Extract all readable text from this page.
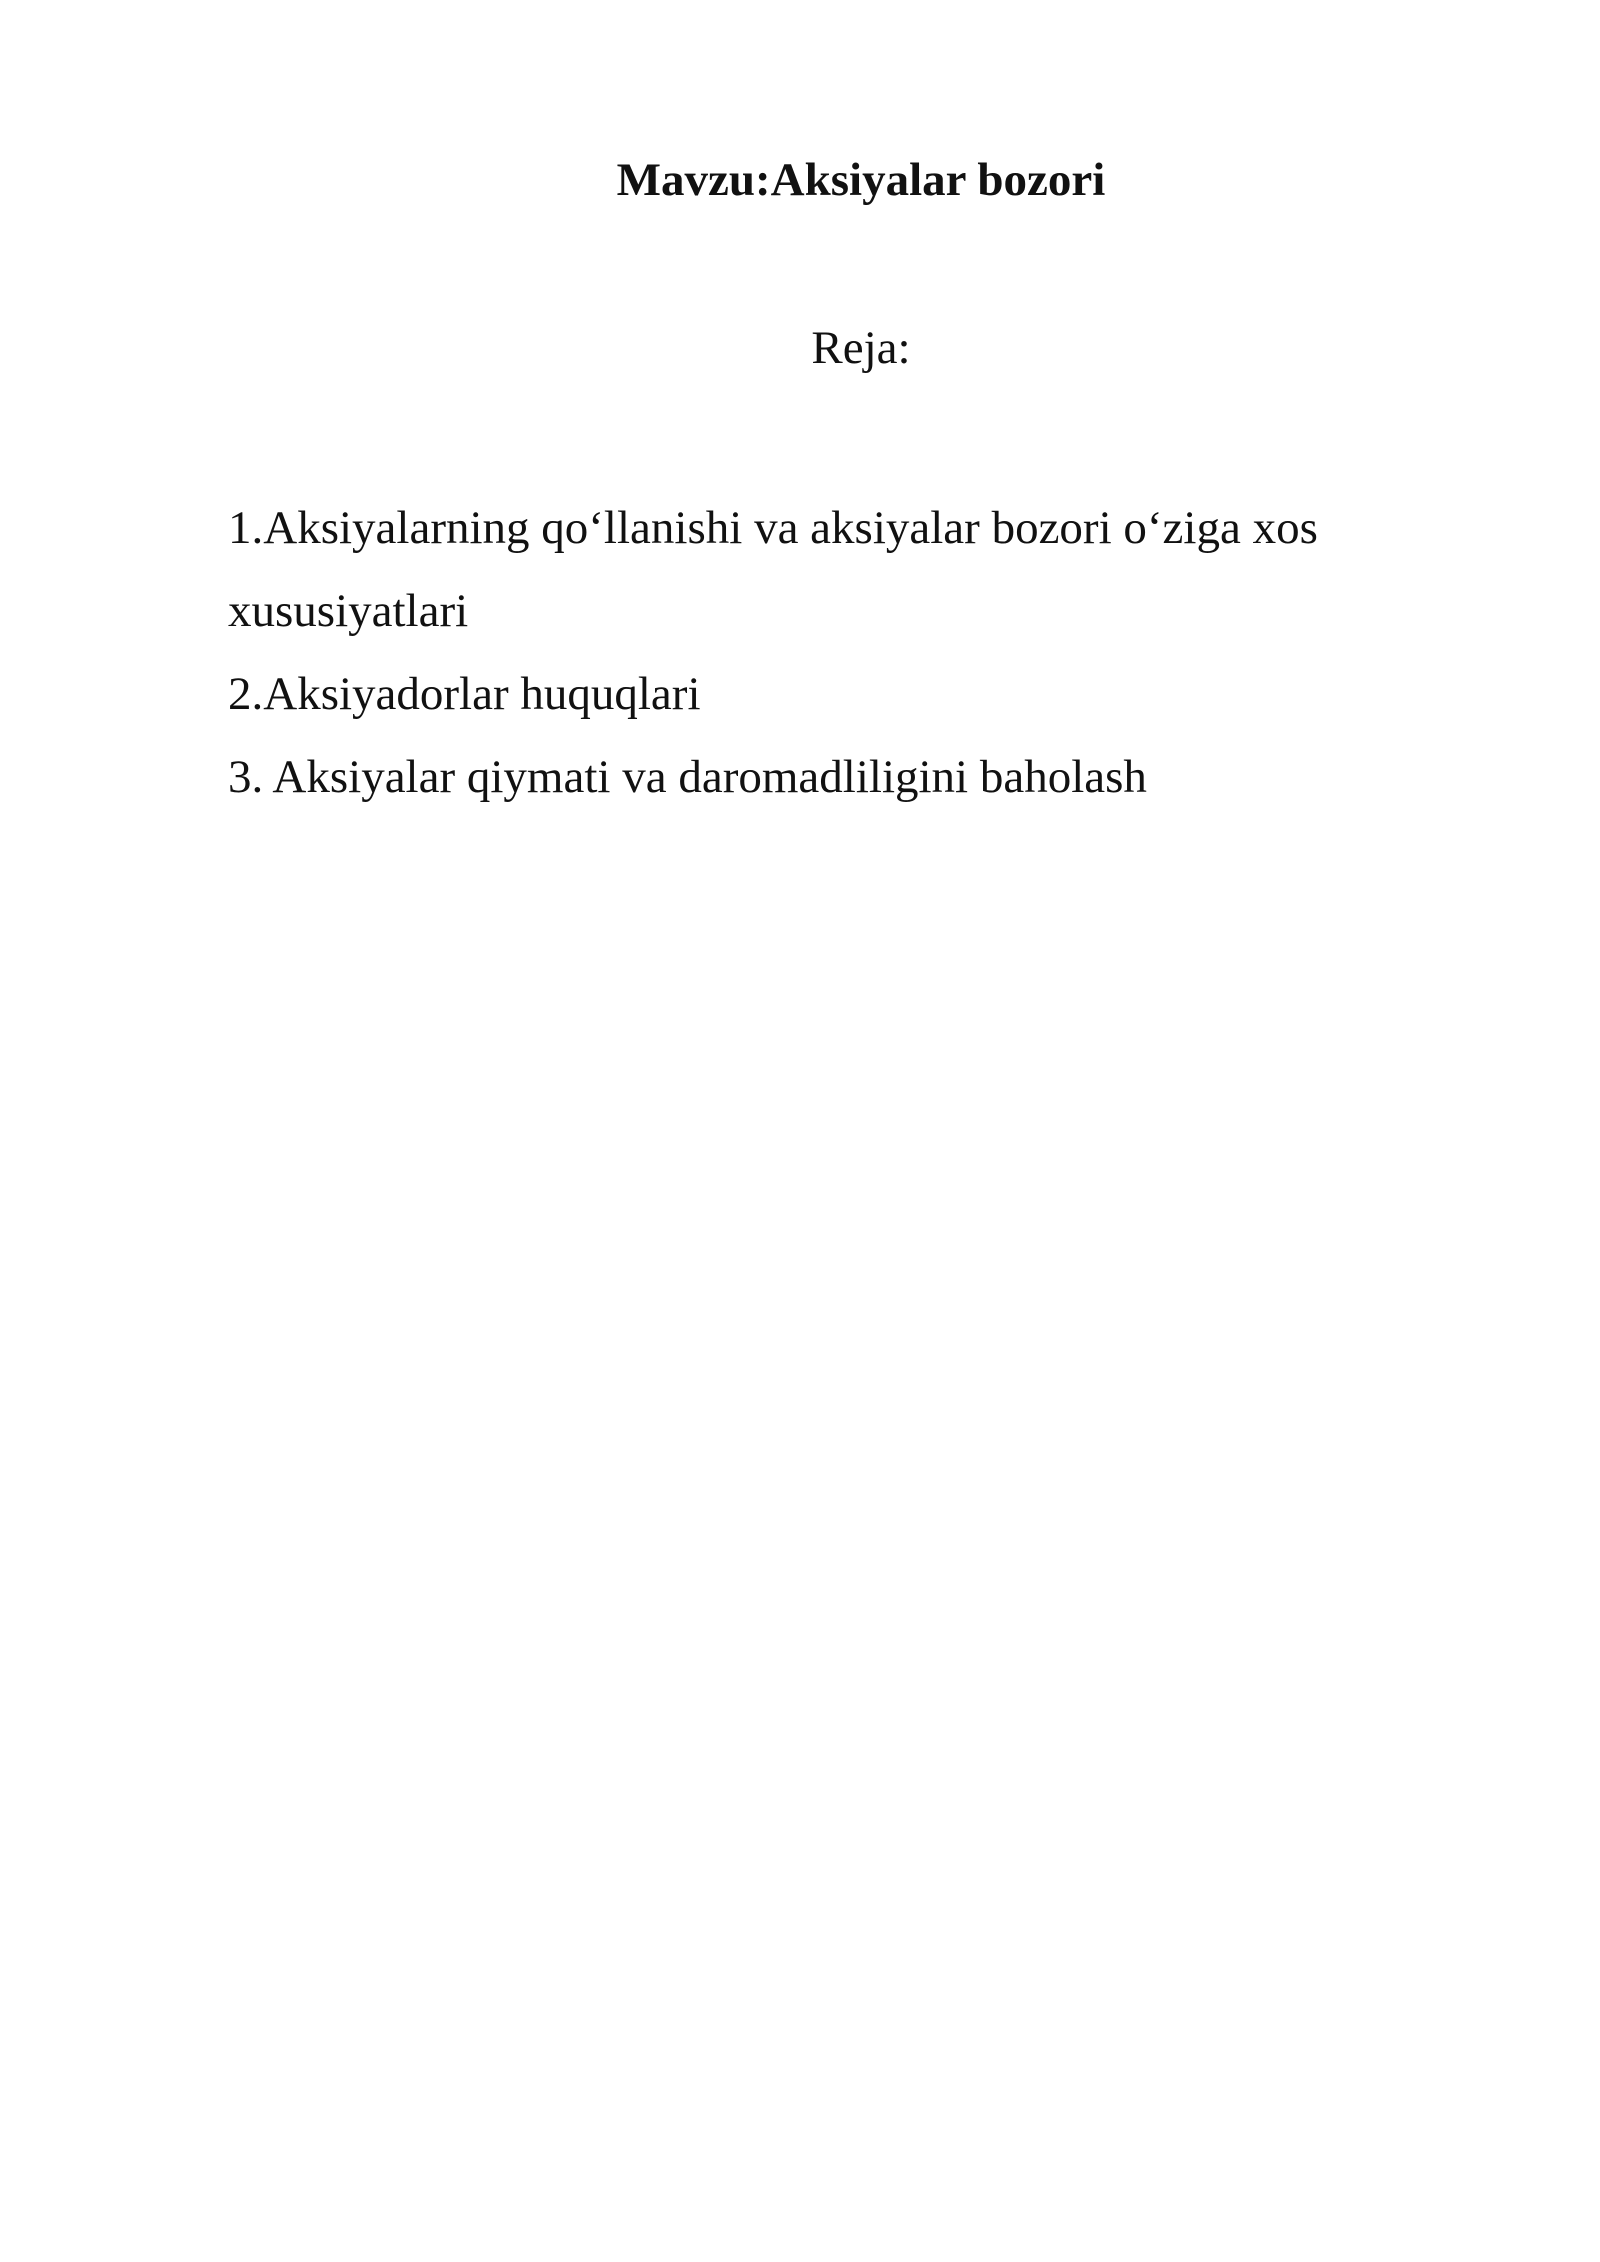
Mavzu:Aksiyalar bozori

Reja:

1.Aksiyalarning qo‘llanishi va aksiyalar bozori o‘ziga xos xususiyatlari
2.Aksiyadorlar huquqlari
3. Aksiyalar qiymati va daromadliligini baholash
